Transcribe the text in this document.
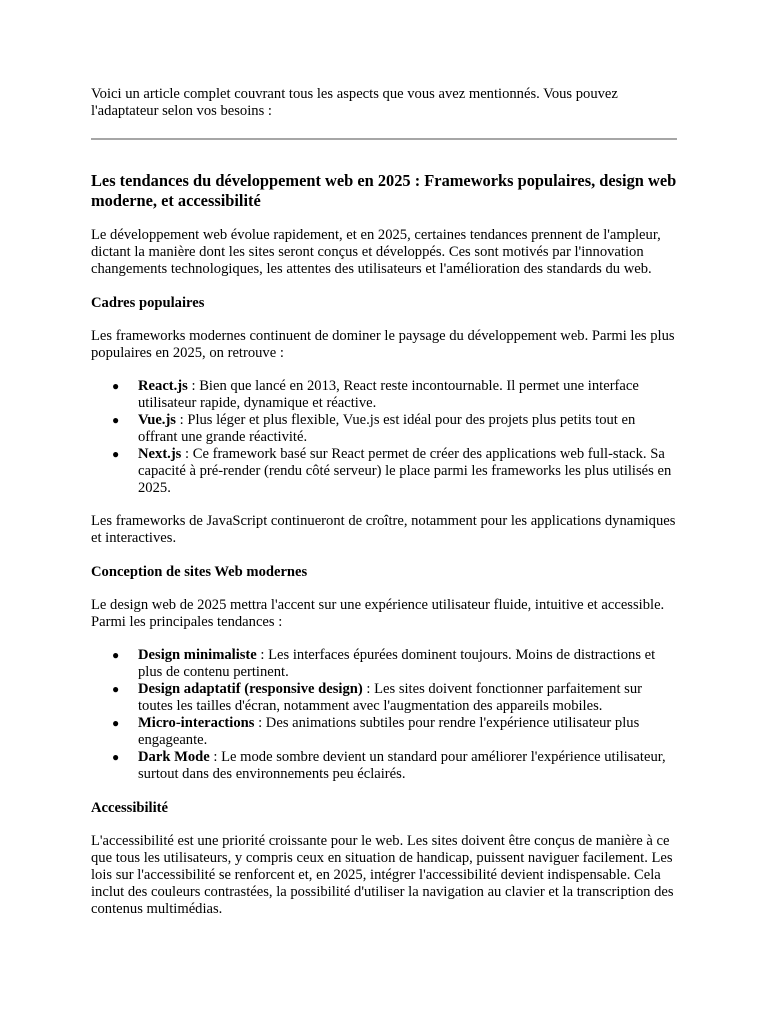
Voici un article complet couvrant tous les aspects que vous avez mentionnés. Vous pouvez l'adaptateur selon vos besoins :

Les tendances du développement web en 2025 : Frameworks populaires, design web moderne, et accessibilité

Le développement web évolue rapidement, et en 2025, certaines tendances prennent de l'ampleur, dictant la manière dont les sites seront conçus et développés. Ces sont motivés par l'innovation changements technologiques, les attentes des utilisateurs et l'amélioration des standards du web.

Cadres populaires

Les frameworks modernes continuent de dominer le paysage du développement web. Parmi les plus populaires en 2025, on retrouve :

● React.js : Bien que lancé en 2013, React reste incontournable. Il permet une interface utilisateur rapide, dynamique et réactive.
● Vue.js : Plus léger et plus flexible, Vue.js est idéal pour des projets plus petits tout en offrant une grande réactivité.
● Next.js : Ce framework basé sur React permet de créer des applications web full-stack. Sa capacité à pré-render (rendu côté serveur) le place parmi les frameworks les plus utilisés en 2025.

Les frameworks de JavaScript continueront de croître, notamment pour les applications dynamiques et interactives.

Conception de sites Web modernes

Le design web de 2025 mettra l'accent sur une expérience utilisateur fluide, intuitive et accessible. Parmi les principales tendances :

● Design minimaliste : Les interfaces épurées dominent toujours. Moins de distractions et plus de contenu pertinent.
● Design adaptatif (responsive design) : Les sites doivent fonctionner parfaitement sur toutes les tailles d'écran, notamment avec l'augmentation des appareils mobiles.
● Micro-interactions : Des animations subtiles pour rendre l'expérience utilisateur plus engageante.
● Dark Mode : Le mode sombre devient un standard pour améliorer l'expérience utilisateur, surtout dans des environnements peu éclairés.
Accessibilité

L'accessibilité est une priorité croissante pour le web. Les sites doivent être conçus de manière à ce que tous les utilisateurs, y compris ceux en situation de handicap, puissent naviguer facilement. Les lois sur l'accessibilité se renforcent et, en 2025, intégrer l'accessibilité devient indispensable. Cela inclut des couleurs contrastées, la possibilité d'utiliser la navigation au clavier et la transcription des contenus multimédias.
